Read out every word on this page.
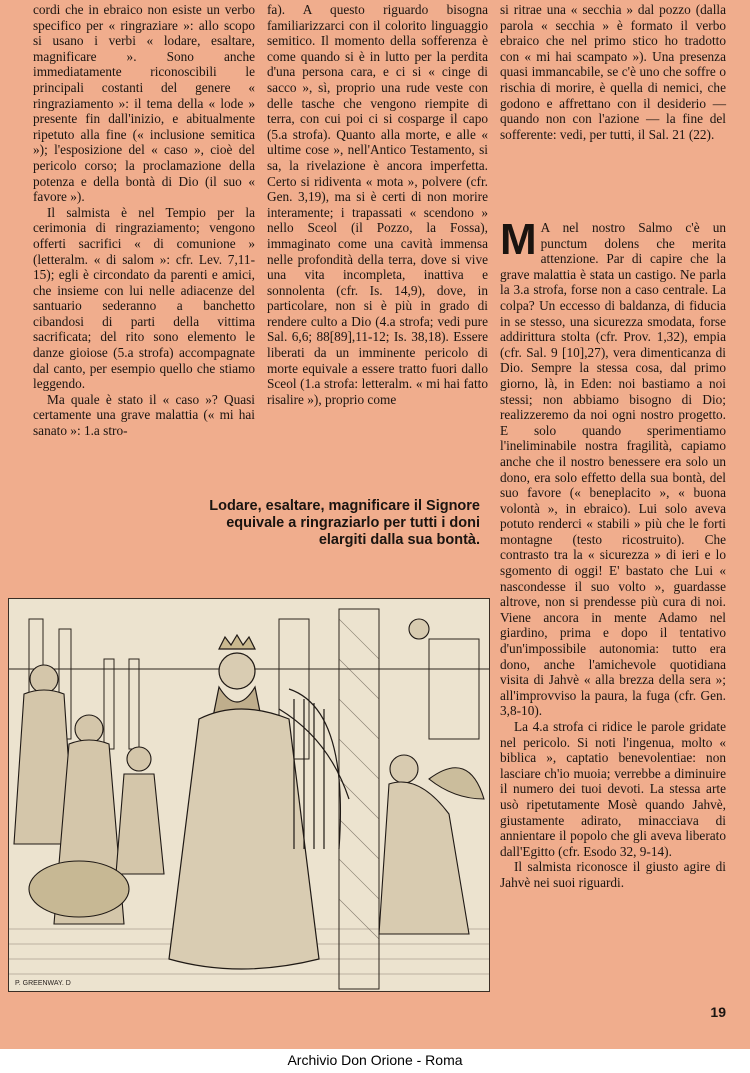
cordi che in ebraico non esiste un verbo specifico per « ringraziare »: allo scopo si usano i verbi « lodare, esaltare, magnificare ». Sono anche immediatamente riconoscibili le principali costanti del genere « ringraziamento »: il tema della « lode » presente fin dall'inizio, e abitualmente ripetuto alla fine (« inclusione semitica »); l'esposizione del « caso », cioè del pericolo corso; la proclamazione della potenza e della bontà di Dio (il suo « favore »).

Il salmista è nel Tempio per la cerimonia di ringraziamento; vengono offerti sacrifici « di comunione » (letteralm. « di salom »: cfr. Lev. 7,11-15); egli è circondato da parenti e amici, che insieme con lui nelle adiacenze del santuario sederanno a banchetto cibandosi di parti della vittima sacrificata; del rito sono elemento le danze gioiose (5.a strofa) accompagnate dal canto, per esempio quello che stiamo leggendo.

Ma quale è stato il « caso »? Quasi certamente una grave malattia (« mi hai sanato »: 1.a stro-

fa). A questo riguardo bisogna familiarizzarci con il colorito linguaggio semitico. Il momento della sofferenza è come quando si è in lutto per la perdita d'una persona cara, e ci si « cinge di sacco », sì, proprio una rude veste con delle tasche che vengono riempite di terra, con cui poi ci si cosparge il capo (5.a strofa). Quanto alla morte, e alle « ultime cose », nell'Antico Testamento, si sa, la rivelazione è ancora imperfetta. Certo si ridiventa « mota », polvere (cfr. Gen. 3,19), ma si è certi di non morire interamente; i trapassati « scendono » nello Sceol (il Pozzo, la Fossa), immaginato come una cavità immensa nelle profondità della terra, dove si vive una vita incompleta, inattiva e sonnolenta (cfr. Is. 14,9), dove, in particolare, non si è più in grado di rendere culto a Dio (4.a strofa; vedi pure Sal. 6,6; 88[89],11-12; Is. 38,18). Essere liberati da un imminente pericolo di morte equivale a essere tratto fuori dallo Sceol (1.a strofa: letteralm. « mi hai fatto risalire »), proprio come

si ritrae una « secchia » dal pozzo (dalla parola « secchia » è formato il verbo ebraico che nel primo stico ho tradotto con « mi hai scampato »). Una presenza quasi immancabile, se c'è uno che soffre o rischia di morire, è quella di nemici, che godono e affrettano con il desiderio — quando non con l'azione — la fine del sofferente: vedi, per tutti, il Sal. 21 (22).

M A nel nostro Salmo c'è un punctum dolens che merita attenzione. Par di capire che la grave malattia è stata un castigo. Ne parla la 3.a strofa, forse non a caso centrale. La colpa? Un eccesso di baldanza, di fiducia in se stesso, una sicurezza smodata, forse addirittura stolta (cfr. Prov. 1,32), empia (cfr. Sal. 9 [10],27), vera dimenticanza di Dio. Sempre la stessa cosa, dal primo giorno, là, in Eden: noi bastiamo a noi stessi; non abbiamo bisogno di Dio; realizzeremo da noi ogni nostro progetto. E solo quando sperimentiamo l'ineliminabile nostra fragilità, capiamo anche che il nostro benessere era solo un dono, era solo effetto della sua bontà, del suo favore (« beneplacito », « buona volontà », in ebraico). Lui solo aveva potuto renderci « stabili » più che le forti montagne (testo ricostruito). Che contrasto tra la « sicurezza » di ieri e lo sgomento di oggi! E' bastato che Lui « nascondesse il suo volto », guardasse altrove, non si prendesse più cura di noi. Viene ancora in mente Adamo nel giardino, prima e dopo il tentativo d'un'impossibile autonomia: tutto era dono, anche l'amichevole quotidiana visita di Jahvè « alla brezza della sera »; all'improvviso la paura, la fuga (cfr. Gen. 3,8-10).

La 4.a strofa ci ridice le parole gridate nel pericolo. Si noti l'ingenua, molto « biblica », captatio benevolentiae: non lasciare ch'io muoia; verrebbe a diminuire il numero dei tuoi devoti. La stessa arte usò ripetutamente Mosè quando Jahvè, giustamente adirato, minacciava di annientare il popolo che gli aveva liberato dall'Egitto (cfr. Esodo 32, 9-14).

Il salmista riconosce il giusto agire di Jahvè nei suoi riguardi.

Lodare, esaltare, magnificare il Signore
equivale a ringraziarlo per tutti i doni
elargiti dalla sua bontà.
P. GREENWAY. D
19
Archivio Don Orione - Roma
